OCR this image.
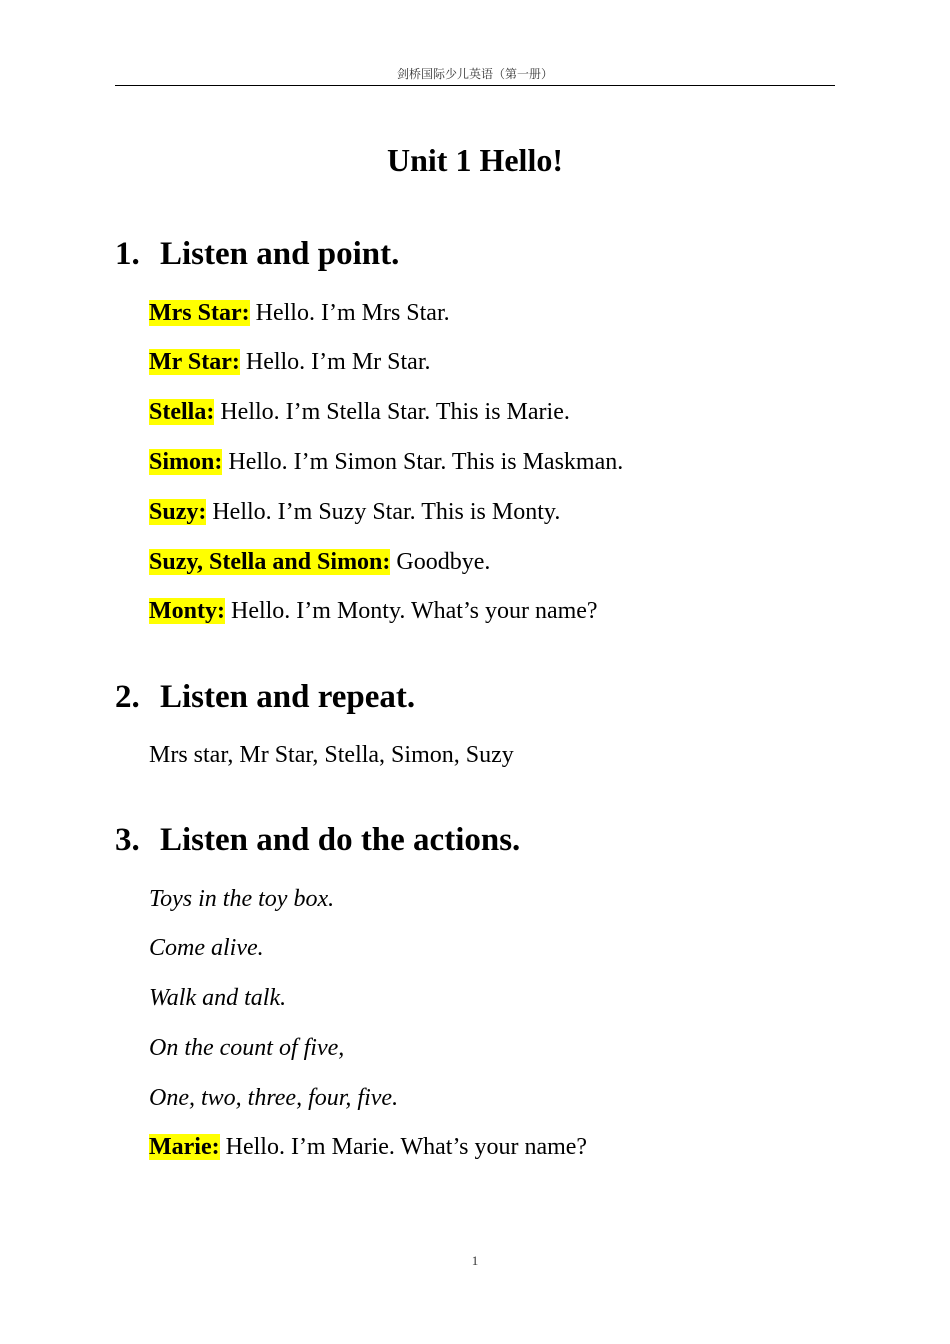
剑桥国际少儿英语（第一册）
Unit 1 Hello!
1. Listen and point.

Mrs Star: Hello. I’m Mrs Star.

Mr Star: Hello. I’m Mr Star.

Stella: Hello. I’m Stella Star. This is Marie.

Simon: Hello. I’m Simon Star. This is Maskman.

Suzy: Hello. I’m Suzy Star. This is Monty.

Suzy, Stella and Simon: Goodbye.

Monty: Hello. I’m Monty. What’s your name?

2. Listen and repeat.

Mrs star, Mr Star, Stella, Simon, Suzy

3. Listen and do the actions.

Toys in the toy box.

Come alive.

Walk and talk.

On the count of five,

One, two, three, four, five.

Marie: Hello. I’m Marie. What’s your name?

1
